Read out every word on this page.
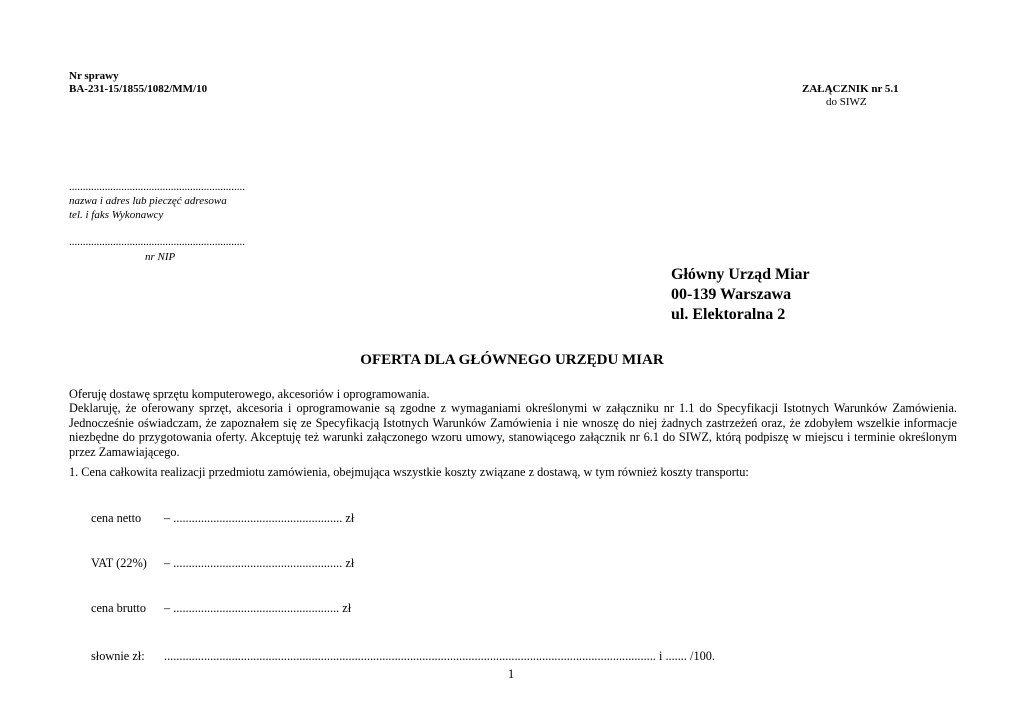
Nr sprawy
BA-231-15/1855/1082/MM/10	ZAŁĄCZNIK nr 5.1
do SIWZ
................................................................
nazwa i adres lub pieczęć adresowa
tel. i faks Wykonawcy
................................................................
nr NIP
Główny Urząd Miar
00-139 Warszawa
ul. Elektoralna 2
OFERTA DLA GŁÓWNEGO URZĘDU MIAR
Oferuję dostawę sprzętu komputerowego, akcesoriów i oprogramowania.
Deklaruję, że oferowany sprzęt, akcesoria i oprogramowanie są zgodne z wymaganiami określonymi w załączniku nr 1.1 do Specyfikacji Istotnych Warunków Zamówienia. Jednocześnie oświadczam, że zapoznałem się ze Specyfikacją Istotnych Warunków Zamówienia i nie wnoszę do niej żadnych zastrzeżeń oraz, że zdobyłem wszelkie informacje niezbędne do przygotowania oferty. Akceptuję też warunki załączonego wzoru umowy, stanowiącego załącznik nr 6.1 do SIWZ, którą podpiszę w miejscu i terminie określonym przez Zamawiającego.
1. Cena całkowita realizacji przedmiotu zamówienia, obejmująca wszystkie koszty związane z dostawą, w tym również koszty transportu:
cena netto – ....................................................... zł
VAT (22%) – ....................................................... zł
cena brutto – ...................................................... zł
słownie zł: ................................................................................................................................................................ i ....... /100.
1
